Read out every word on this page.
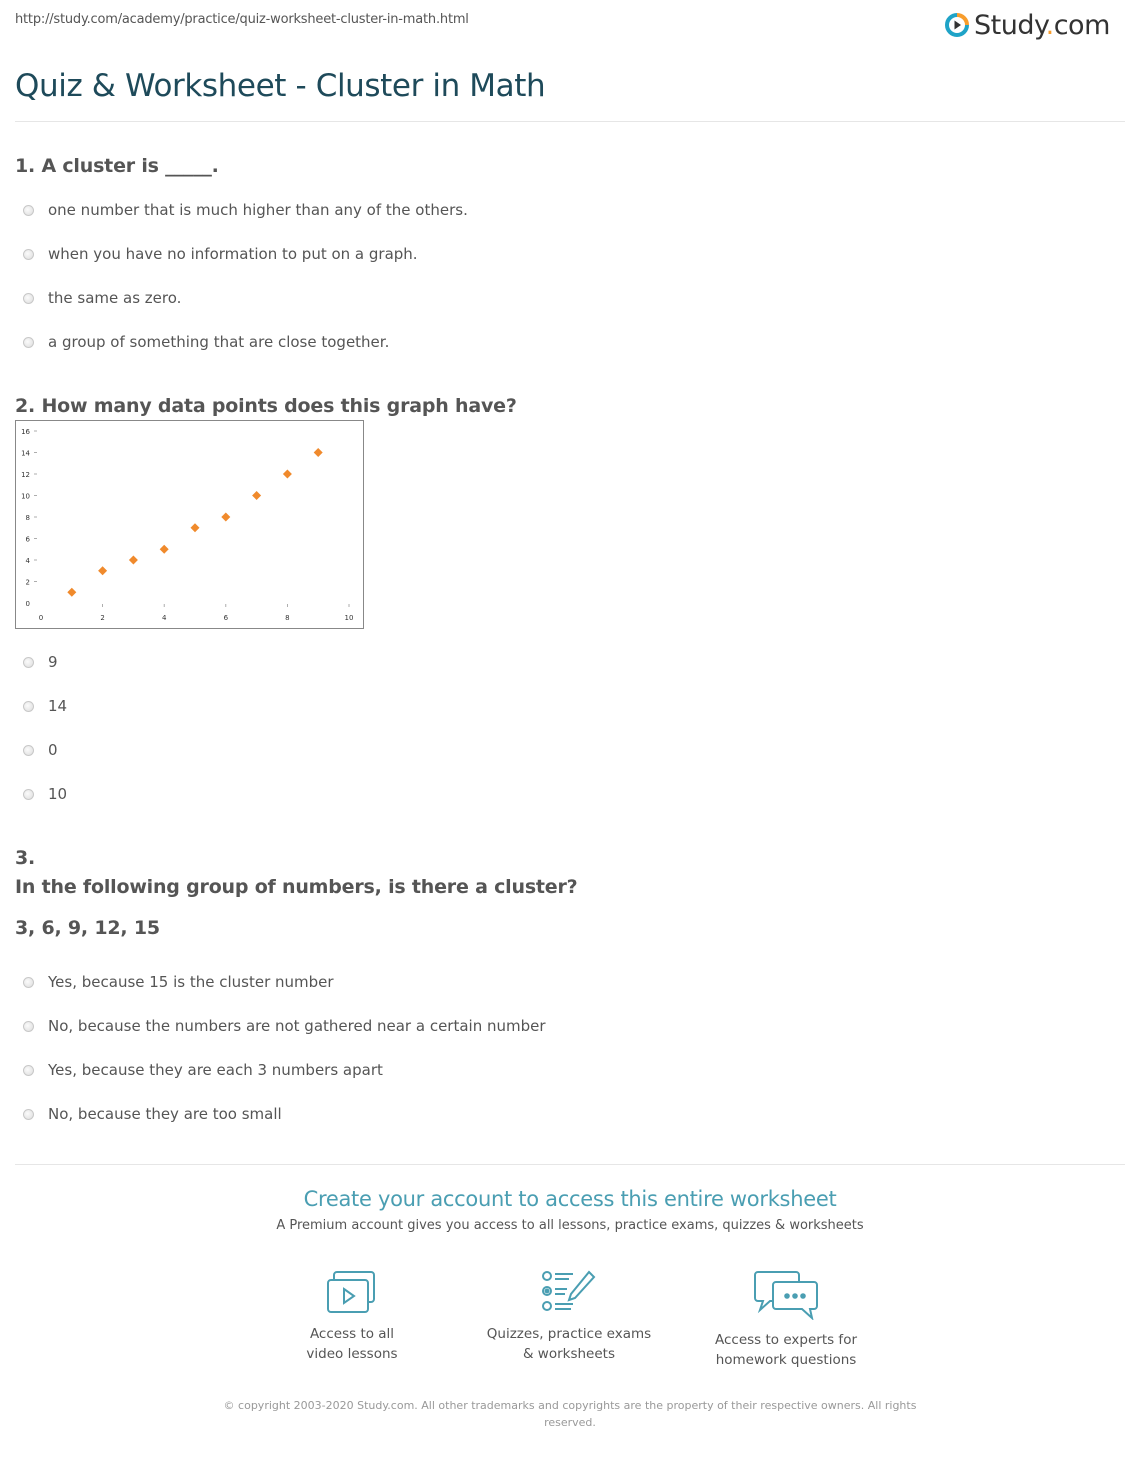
http://study.com/academy/practice/quiz-worksheet-cluster-in-math.html	Study.com
Quiz & Worksheet - Cluster in Math
1. A cluster is _____.
one number that is much higher than any of the others.
when you have no information to put on a graph.
the same as zero.
a group of something that are close together.
2. How many data points does this graph have?
0
2
4
6
8
10
12
14
16
0	2	4	6	8	10
9
14
0
10
3.
In the following group of numbers, is there a cluster?
3, 6, 9, 12, 15
Yes, because 15 is the cluster number
No, because the numbers are not gathered near a certain number
Yes, because they are each 3 numbers apart
No, because they are too small
Create your account to access this entire worksheet
A Premium account gives you access to all lessons, practice exams, quizzes & worksheets
Access to all
video lessons
Quizzes, practice exams
& worksheets
Access to experts for
homework questions
© copyright 2003-2020 Study.com. All other trademarks and copyrights are the property of their respective owners. All rights reserved.
